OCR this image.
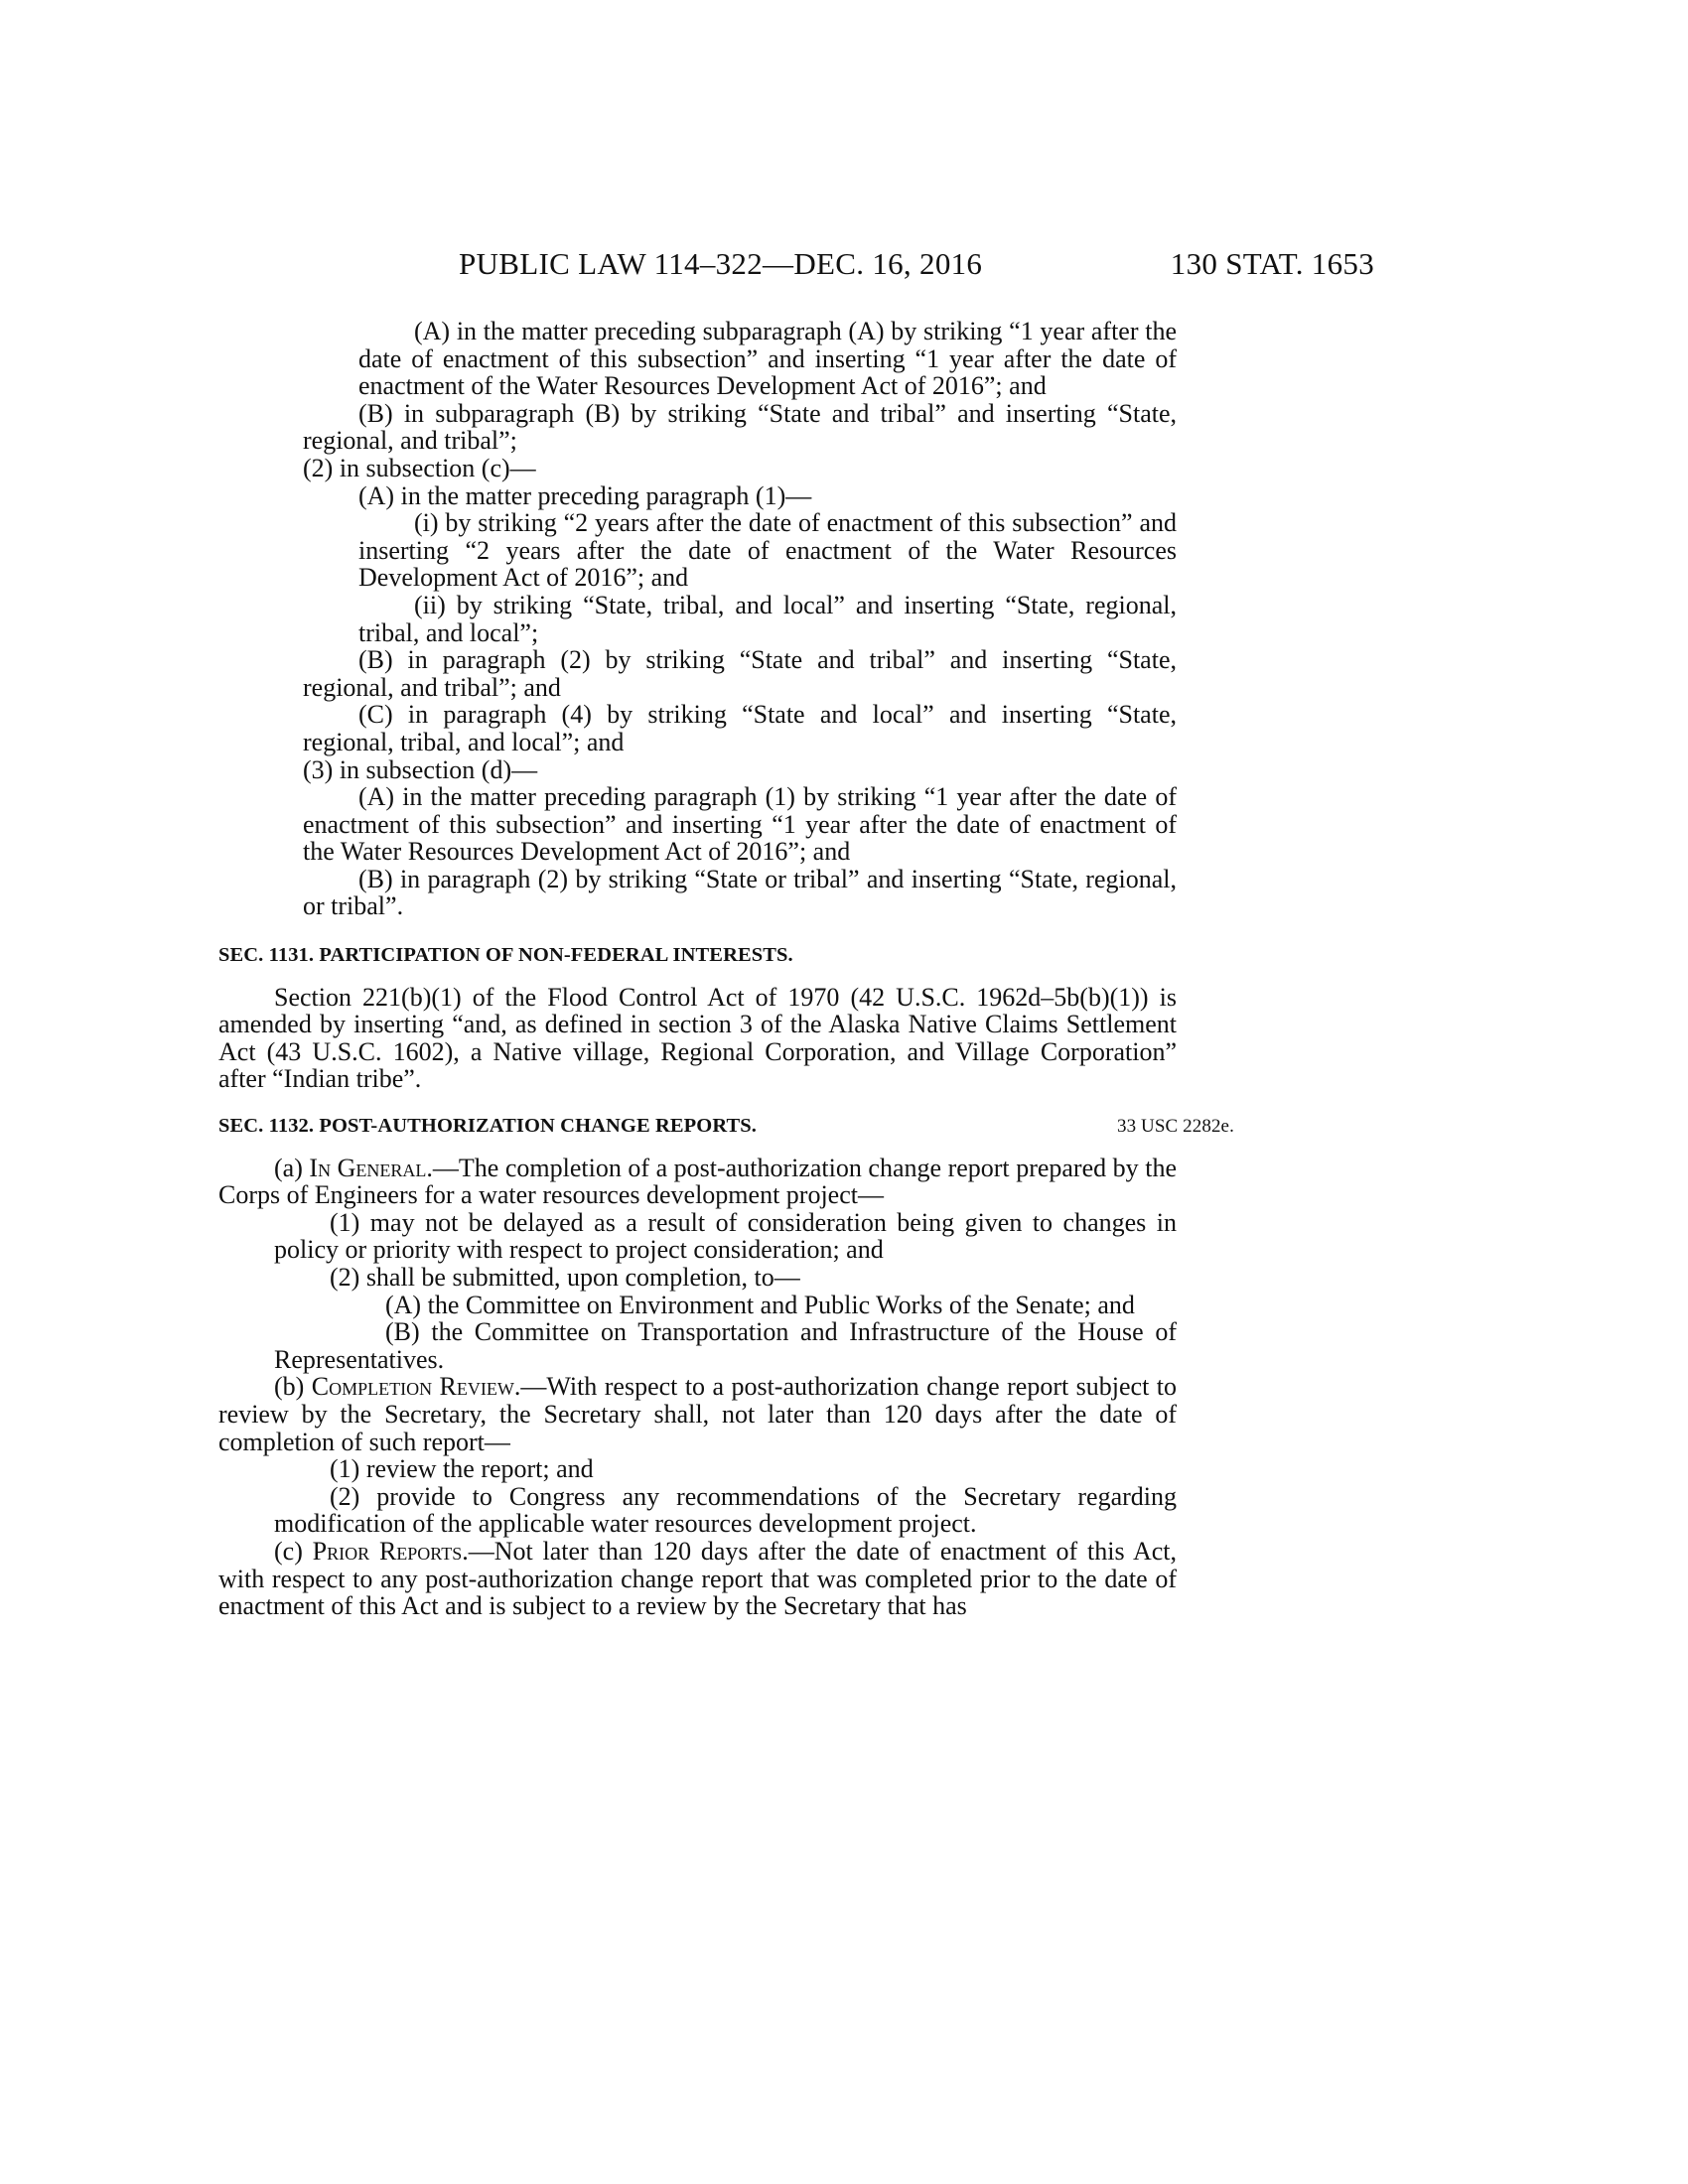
PUBLIC LAW 114–322—DEC. 16, 2016	130 STAT. 1653

(A) in the matter preceding subparagraph (A) by striking “1 year after the date of enactment of this subsection” and inserting “1 year after the date of enactment of the Water Resources Development Act of 2016”; and

(B) in subparagraph (B) by striking “State and tribal” and inserting “State, regional, and tribal”;

(2) in subsection (c)—

(A) in the matter preceding paragraph (1)—

(i) by striking “2 years after the date of enactment of this subsection” and inserting “2 years after the date of enactment of the Water Resources Development Act of 2016”; and

(ii) by striking “State, tribal, and local” and inserting “State, regional, tribal, and local”;

(B) in paragraph (2) by striking “State and tribal” and inserting “State, regional, and tribal”; and

(C) in paragraph (4) by striking “State and local” and inserting “State, regional, tribal, and local”; and

(3) in subsection (d)—

(A) in the matter preceding paragraph (1) by striking “1 year after the date of enactment of this subsection” and inserting “1 year after the date of enactment of the Water Resources Development Act of 2016”; and

(B) in paragraph (2) by striking “State or tribal” and inserting “State, regional, or tribal”.

SEC. 1131. PARTICIPATION OF NON-FEDERAL INTERESTS.

Section 221(b)(1) of the Flood Control Act of 1970 (42 U.S.C. 1962d–5b(b)(1)) is amended by inserting “and, as defined in section 3 of the Alaska Native Claims Settlement Act (43 U.S.C. 1602), a Native village, Regional Corporation, and Village Corporation” after “Indian tribe”.

SEC. 1132. POST-AUTHORIZATION CHANGE REPORTS.	33 USC 2282e.

(a) In General.—The completion of a post-authorization change report prepared by the Corps of Engineers for a water resources development project—

(1) may not be delayed as a result of consideration being given to changes in policy or priority with respect to project consideration; and

(2) shall be submitted, upon completion, to—

(A) the Committee on Environment and Public Works of the Senate; and

(B) the Committee on Transportation and Infrastructure of the House of Representatives.

(b) Completion Review.—With respect to a post-authorization change report subject to review by the Secretary, the Secretary shall, not later than 120 days after the date of completion of such report—

(1) review the report; and

(2) provide to Congress any recommendations of the Secretary regarding modification of the applicable water resources development project.

(c) Prior Reports.—Not later than 120 days after the date of enactment of this Act, with respect to any post-authorization change report that was completed prior to the date of enactment of this Act and is subject to a review by the Secretary that has
